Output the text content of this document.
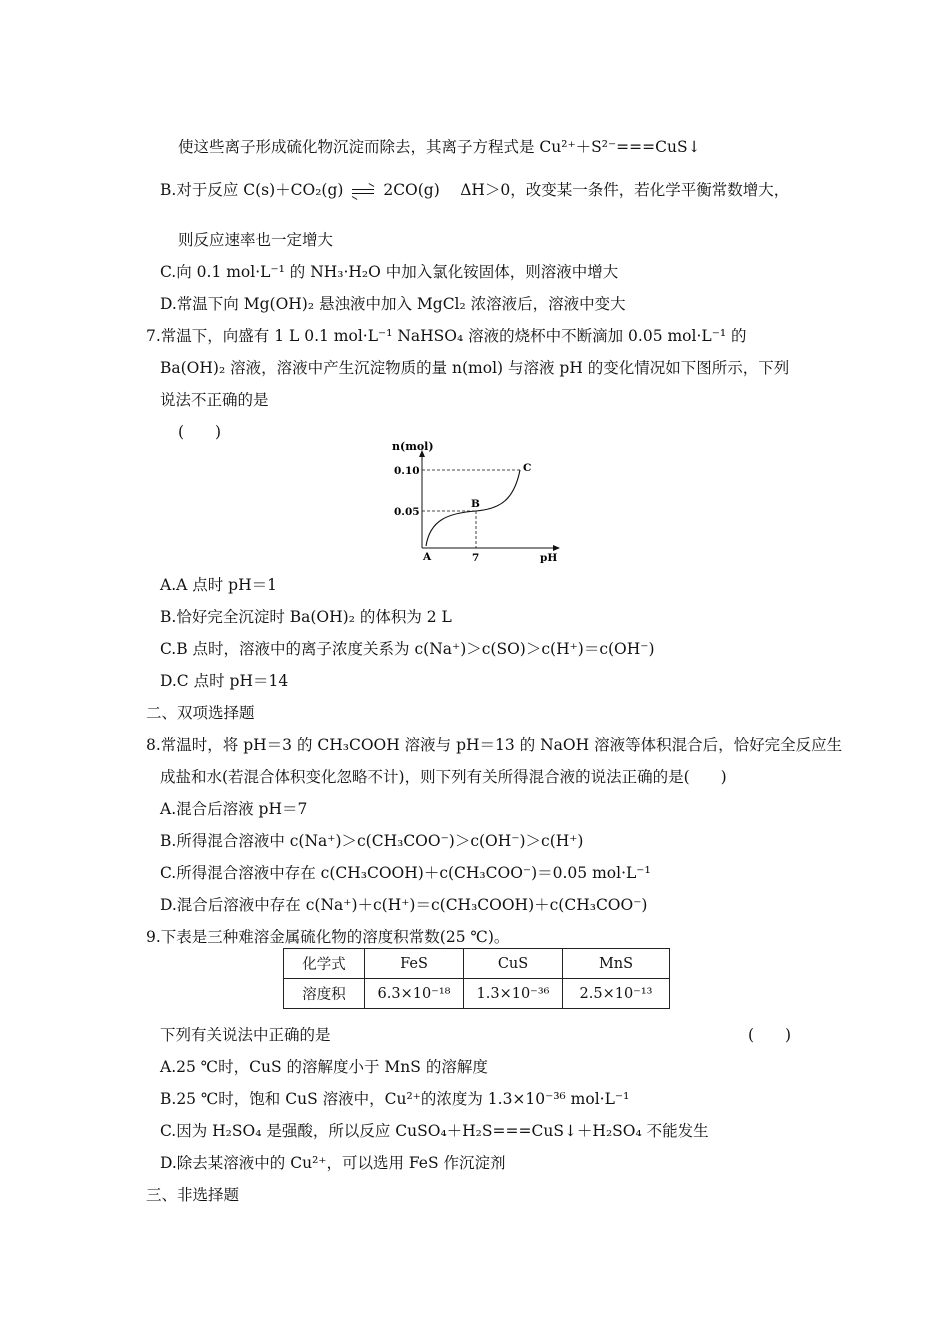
使这些离子形成硫化物沉淀而除去，其离子方程式是 Cu²⁺＋S²⁻===CuS↓
B.对于反应 C(s)＋CO₂(g) ⇌ 2CO(g)　 ΔH＞0，改变某一条件，若化学平衡常数增大，
则反应速率也一定增大
C.向 0.1 mol·L⁻¹ 的 NH₃·H₂O 中加入氯化铵固体，则溶液中增大
D.常温下向 Mg(OH)₂ 悬浊液中加入 MgCl₂ 浓溶液后，溶液中变大
7.常温下，向盛有 1 L 0.1 mol·L⁻¹ NaHSO₄ 溶液的烧杯中不断滴加 0.05 mol·L⁻¹ 的
Ba(OH)₂ 溶液，溶液中产生沉淀物质的量 n(mol) 与溶液 pH 的变化情况如下图所示，下列
说法不正确的是
(　　)
n(mol)
0.10
0.05
7	pH
A
B
C
A.A 点时 pH＝1
B.恰好完全沉淀时 Ba(OH)₂ 的体积为 2 L
C.B 点时，溶液中的离子浓度关系为 c(Na⁺)＞c(SO)＞c(H⁺)＝c(OH⁻)
D.C 点时 pH＝14
二、双项选择题
8.常温时，将 pH＝3 的 CH₃COOH 溶液与 pH＝13 的 NaOH 溶液等体积混合后，恰好完全反应生
成盐和水(若混合体积变化忽略不计)，则下列有关所得混合液的说法正确的是(　　)
A.混合后溶液 pH＝7
B.所得混合溶液中 c(Na⁺)＞c(CH₃COO⁻)＞c(OH⁻)＞c(H⁺)
C.所得混合溶液中存在 c(CH₃COOH)＋c(CH₃COO⁻)＝0.05 mol·L⁻¹
D.混合后溶液中存在 c(Na⁺)＋c(H⁺)＝c(CH₃COOH)＋c(CH₃COO⁻)
9.下表是三种难溶金属硫化物的溶度积常数(25 ℃)。
化学式	FeS	CuS	MnS
溶度积	6.3×10⁻¹⁸	1.3×10⁻³⁶	2.5×10⁻¹³
下列有关说法中正确的是	(　　)
A.25 ℃时，CuS 的溶解度小于 MnS 的溶解度
B.25 ℃时，饱和 CuS 溶液中，Cu²⁺的浓度为 1.3×10⁻³⁶ mol·L⁻¹
C.因为 H₂SO₄ 是强酸，所以反应 CuSO₄＋H₂S===CuS↓＋H₂SO₄ 不能发生
D.除去某溶液中的 Cu²⁺，可以选用 FeS 作沉淀剂
三、非选择题
